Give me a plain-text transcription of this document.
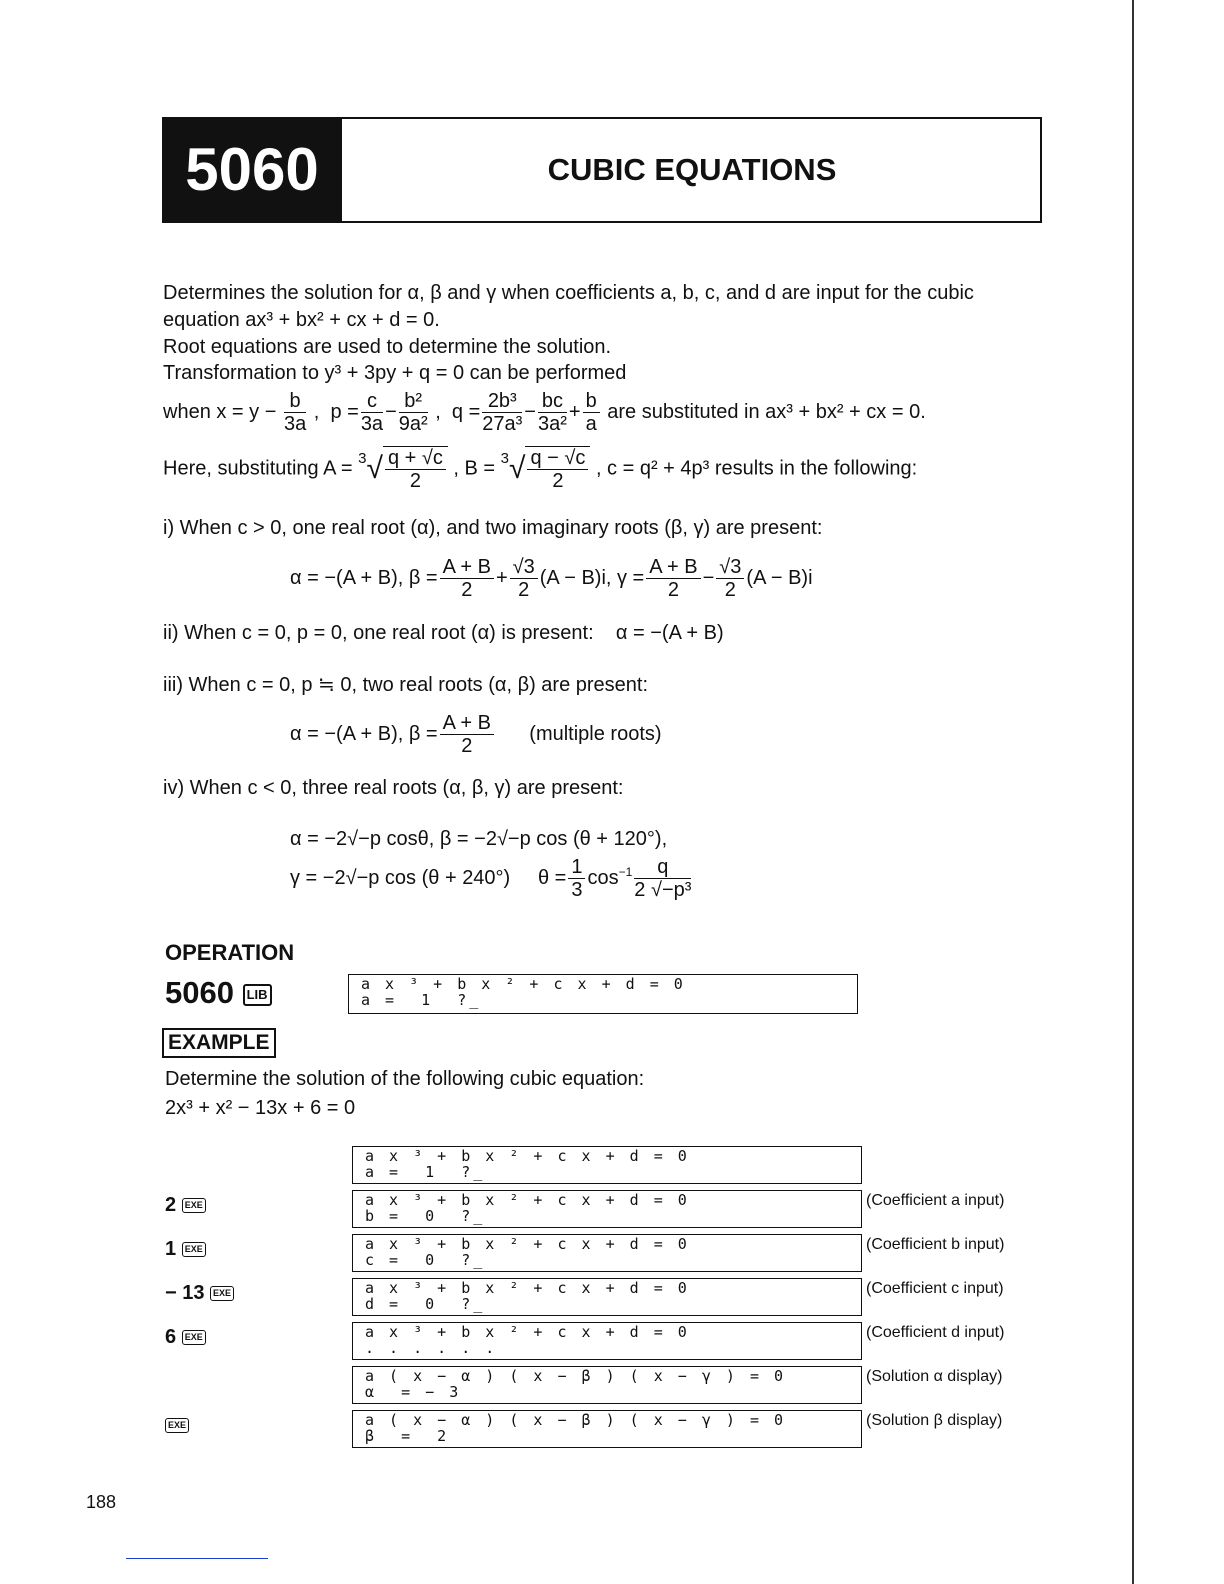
5060	CUBIC EQUATIONS
Determines the solution for α, β and γ when coefficients a, b, c, and d are input for the cubic
equation ax³ + bx² + cx + d = 0.
Root equations are used to determine the solution.
Transformation to y³ + 3py + q = 0 can be performed
when $x = y - \frac{b}{3a}$ ,  $p = \frac{c}{3a} - \frac{\text{b²}}{\text{9a²}}$ ,  $q = \frac{\text{2b³}}{\text{27a³}} - \frac{bc}{\text{3a²}} + \frac{b}{a}$ are substituted in ax³ + bx² + cx = 0.
Here, substituting $A = ^3√ \frac{q + √c}{2}$ , $B = ^3√ \frac{q - √c}{2}$ , c = q² + 4p³ results in the following:
i) When c > 0, one real root (α), and two imaginary roots (β, γ) are present:
α = −(A + B), $\beta = \frac{A + B}{2} + \frac{√3}{2} (A - B)i$, $\gamma = \frac{A + B}{2} - \frac{√3}{2} (A - B)i$
ii) When c = 0, p = 0, one real root (α) is present: α = −(A + B)
iii) When c = 0, p ≒ 0, two real roots (α, β) are present:
α = −(A + B), $\beta = \frac{A + B}{2}$ (multiple roots)
iv) When c < 0, three real roots (α, β, γ) are present:
α = −2√−p cosθ, β = −2√−p cos (θ + 120°),
γ = −2√−p cos (θ + 240°)     $\theta = \frac{1}{3} \cos^{-1} \frac{q}{\text{2 √−p³}}$
OPERATION
5060 LIB
a x ³ + b x ² + c x + d = 0
a =  1  ?_
EXAMPLE
Determine the solution of the following cubic equation:
2x³ + x² − 13x + 6 = 0
a x ³ + b x ² + c x + d = 0
a =  1  ?_
2 EXE	a x ³ + b x ² + c x + d = 0
b =  0  ?_
(Coefficient a input)
1 EXE	a x ³ + b x ² + c x + d = 0
c =  0  ?_
(Coefficient b input)
− 13 EXE	a x ³ + b x ² + c x + d = 0
d =  0  ?_
(Coefficient c input)
6 EXE	a x ³ + b x ² + c x + d = 0
. . . . . .
(Coefficient d input)
a ( x − α ) ( x − β ) ( x − γ ) = 0
α  = − 3
(Solution α display)
EXE	a ( x − α ) ( x − β ) ( x − γ ) = 0
β  =  2
(Solution β display)
188
